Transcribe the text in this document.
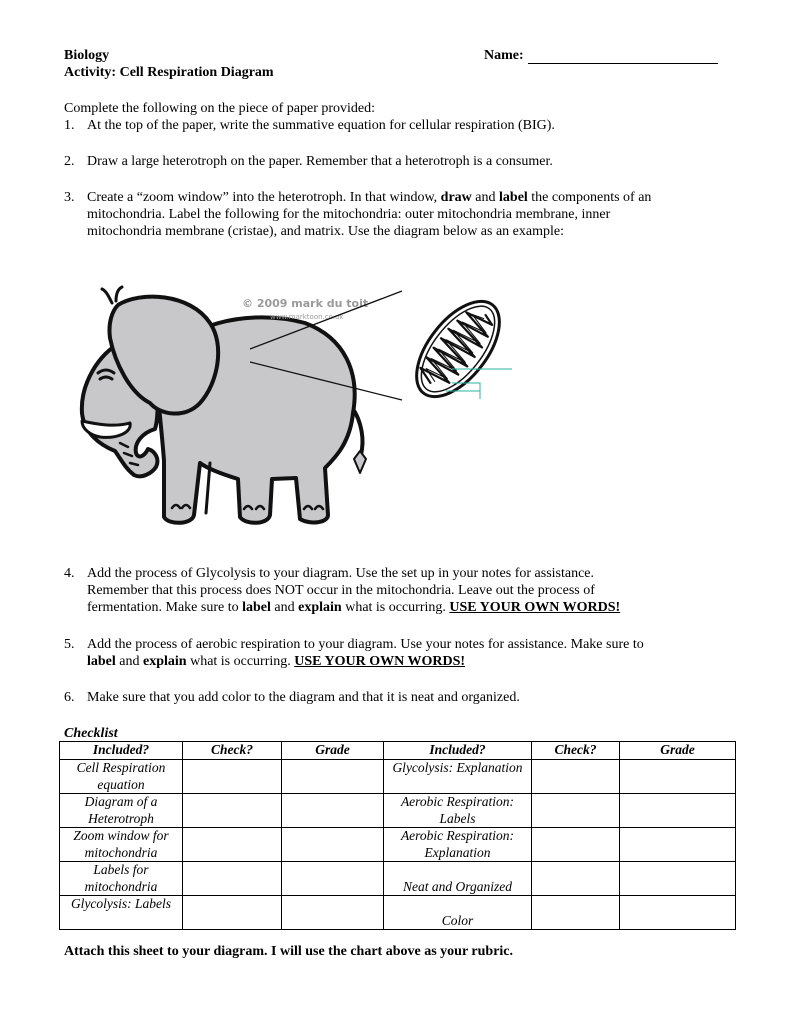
Biology
Activity: Cell Respiration Diagram
Name:
Complete the following on the piece of paper provided:
1. At the top of the paper, write the summative equation for cellular respiration (BIG).
2. Draw a large heterotroph on the paper. Remember that a heterotroph is a consumer.
3. Create a “zoom window” into the heterotroph. In that window, draw and label the components of an
mitochondria. Label the following for the mitochondria: outer mitochondria membrane, inner
mitochondria membrane (cristae), and matrix. Use the diagram below as an example:
© 2009 mark du toit
www.marktoon.co.uk
4. Add the process of Glycolysis to your diagram. Use the set up in your notes for assistance.
Remember that this process does NOT occur in the mitochondria. Leave out the process of
fermentation. Make sure to label and explain what is occurring. USE YOUR OWN WORDS!
5. Add the process of aerobic respiration to your diagram. Use your notes for assistance. Make sure to
label and explain what is occurring. USE YOUR OWN WORDS!
6. Make sure that you add color to the diagram and that it is neat and organized.
Checklist
Included?	Check?	Grade	Included?	Check?	Grade
Cell Respiration equation			Glycolysis: Explanation		
Diagram of a Heterotroph			Aerobic Respiration: Labels		
Zoom window for mitochondria			Aerobic Respiration: Explanation		
Labels for mitochondria			Neat and Organized		
Glycolysis: Labels			Color		
Attach this sheet to your diagram. I will use the chart above as your rubric.
